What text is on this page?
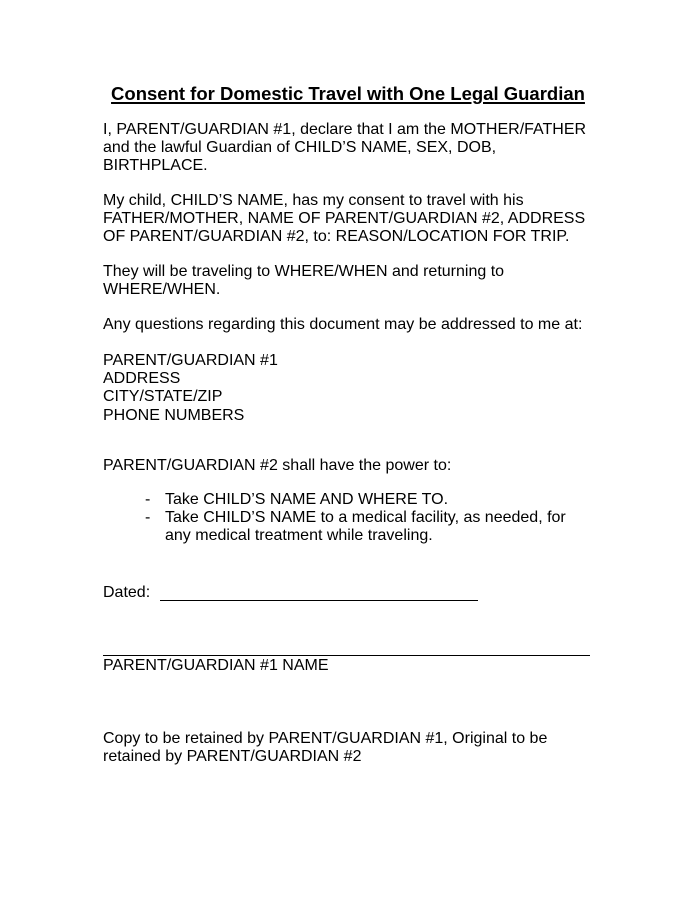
Consent for Domestic Travel with One Legal Guardian

I, PARENT/GUARDIAN #1, declare that I am the MOTHER/FATHER
and the lawful Guardian of CHILD’S NAME, SEX, DOB,
BIRTHPLACE.

My child, CHILD’S NAME, has my consent to travel with his
FATHER/MOTHER, NAME OF PARENT/GUARDIAN #2, ADDRESS
OF PARENT/GUARDIAN #2, to: REASON/LOCATION FOR TRIP.

They will be traveling to WHERE/WHEN and returning to
WHERE/WHEN.

Any questions regarding this document may be addressed to me at:

PARENT/GUARDIAN #1
ADDRESS
CITY/STATE/ZIP
PHONE NUMBERS

PARENT/GUARDIAN #2 shall have the power to:

- Take CHILD’S NAME AND WHERE TO.
- Take CHILD’S NAME to a medical facility, as needed, for
any medical treatment while traveling.
Dated:
PARENT/GUARDIAN #1 NAME

Copy to be retained by PARENT/GUARDIAN #1, Original to be
retained by PARENT/GUARDIAN #2
